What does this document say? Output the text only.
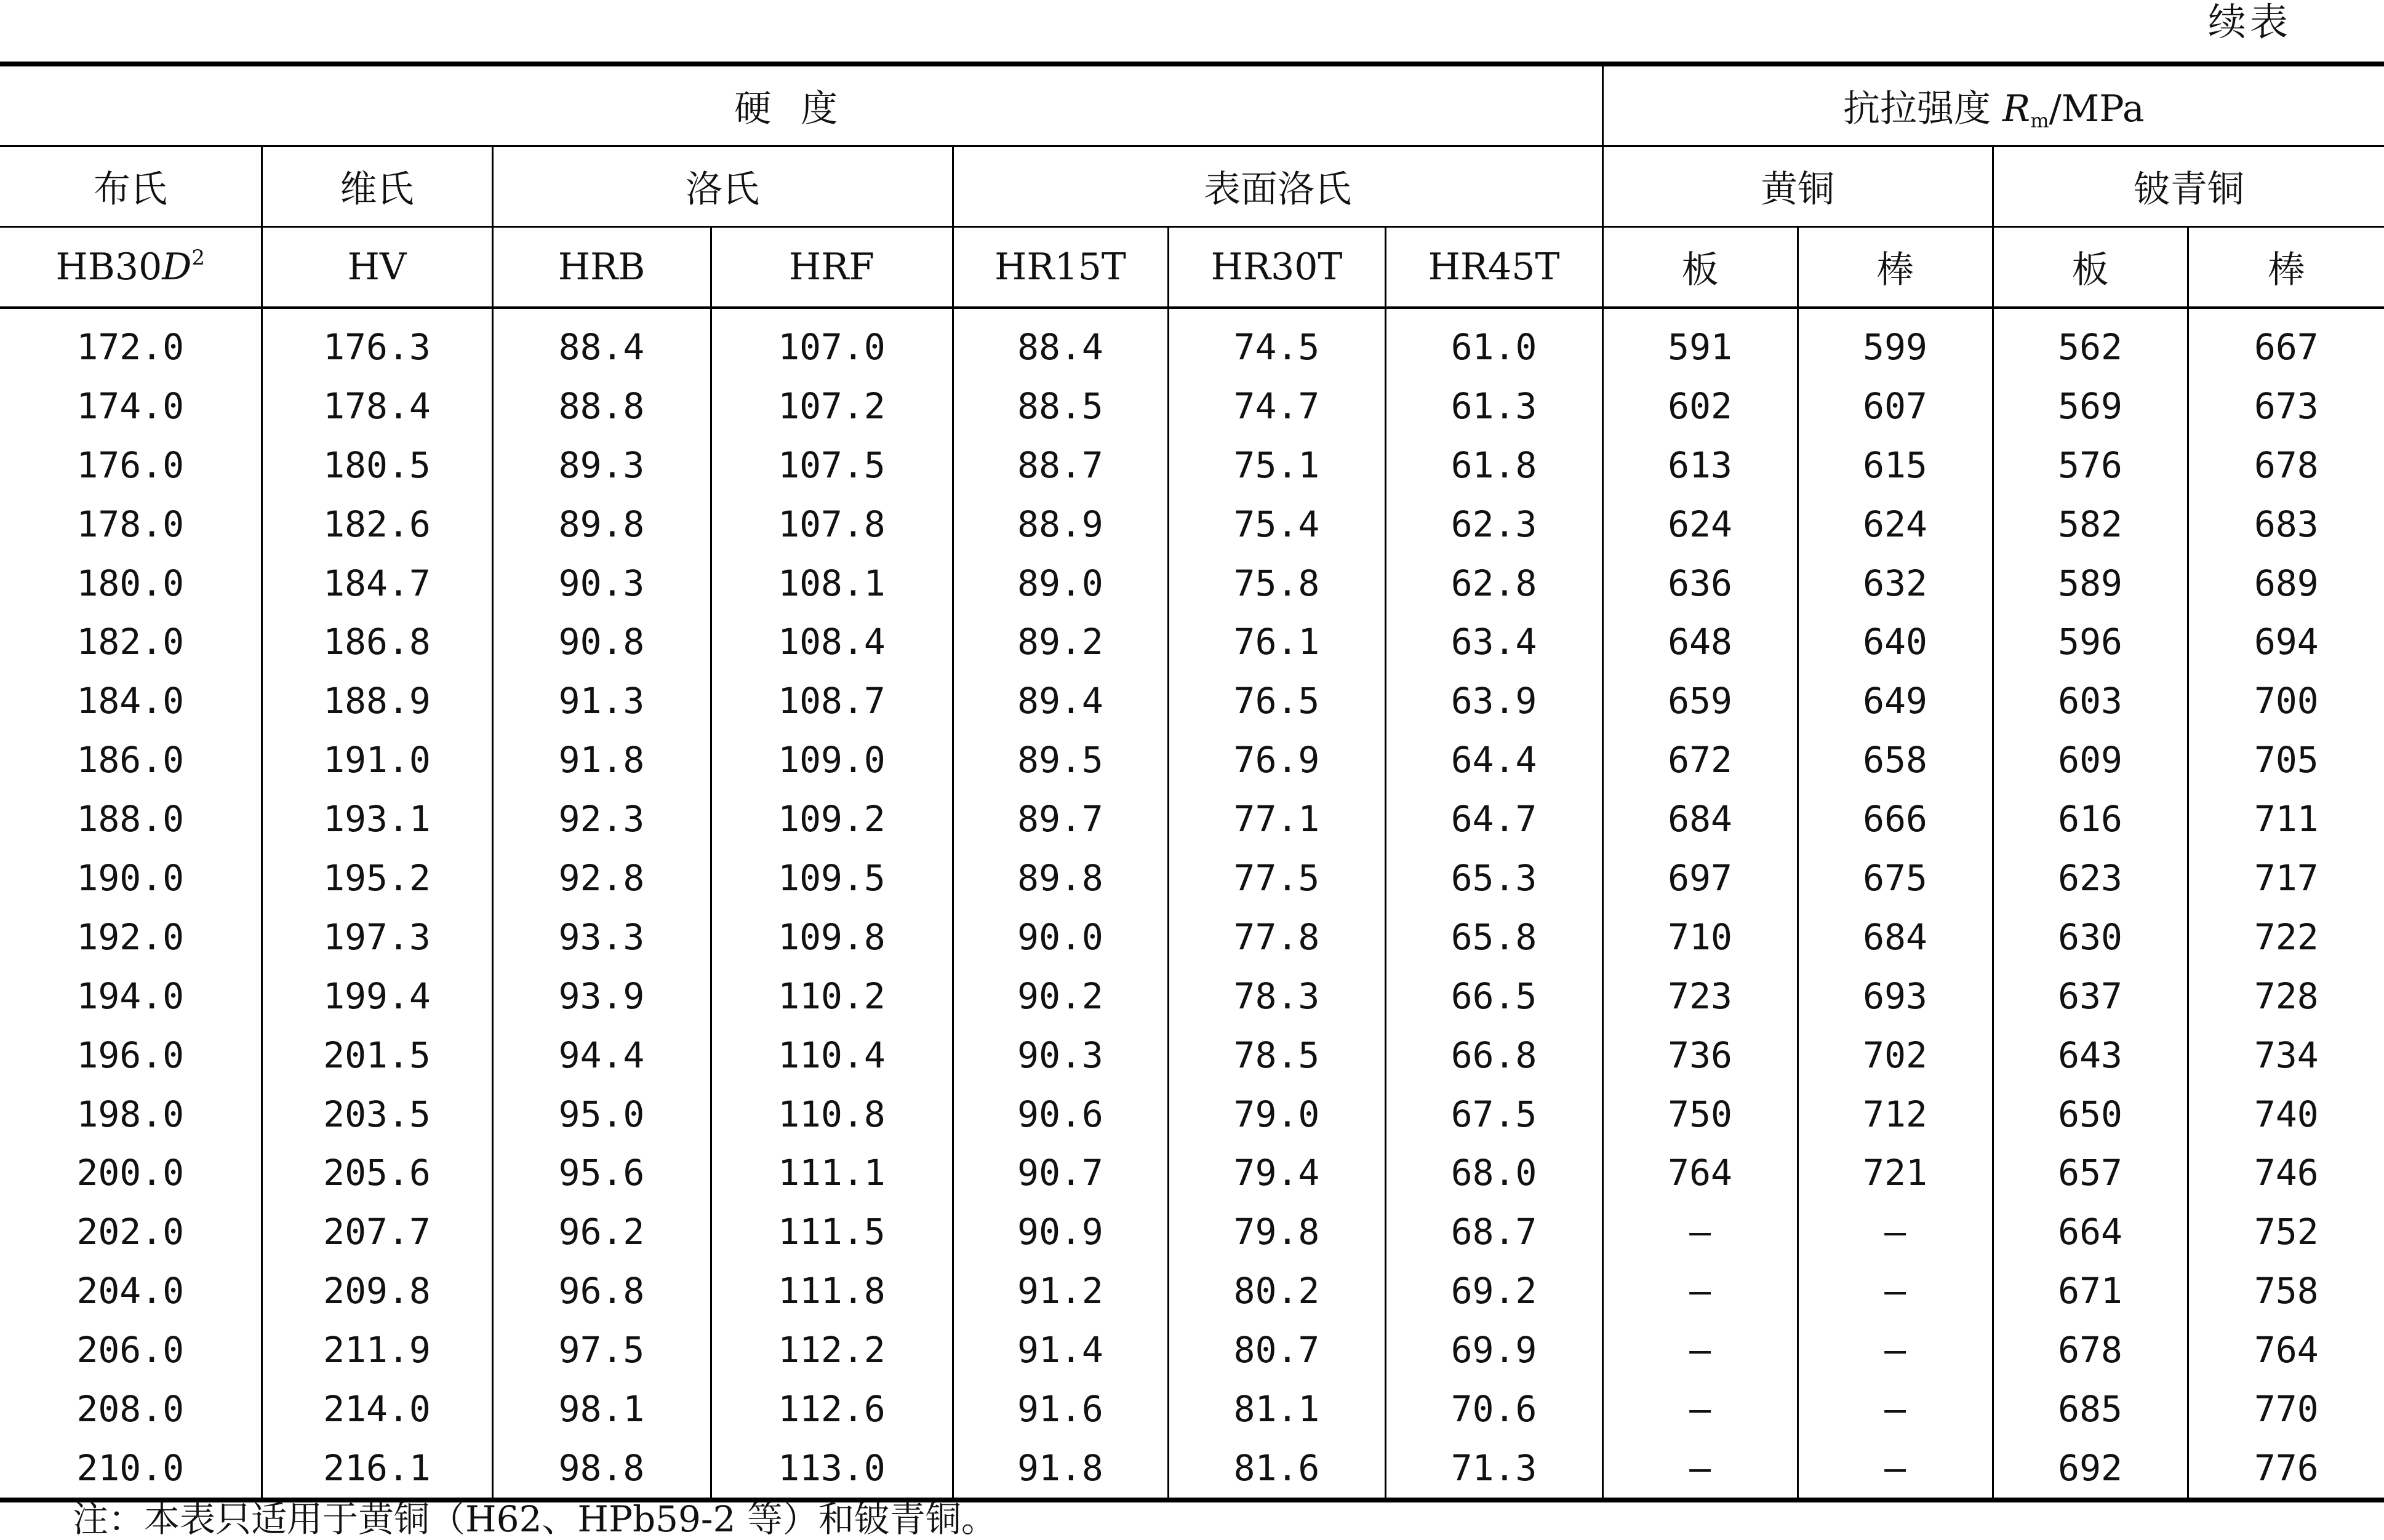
续表
硬度							抗拉强度 $R_m$/MPa			
布氏	维氏	洛氏		表面洛氏			黄铜		铍青铜	
$HB30D^2$	HV	HRB	HRF	HR15T	HR30T	HR45T	板	棒	板	棒
172.0	176.3	88.4	107.0	88.4	74.5	61.0	591	599	562	667
174.0	178.4	88.8	107.2	88.5	74.7	61.3	602	607	569	673
176.0	180.5	89.3	107.5	88.7	75.1	61.8	613	615	576	678
178.0	182.6	89.8	107.8	88.9	75.4	62.3	624	624	582	683
180.0	184.7	90.3	108.1	89.0	75.8	62.8	636	632	589	689
182.0	186.8	90.8	108.4	89.2	76.1	63.4	648	640	596	694
184.0	188.9	91.3	108.7	89.4	76.5	63.9	659	649	603	700
186.0	191.0	91.8	109.0	89.5	76.9	64.4	672	658	609	705
188.0	193.1	92.3	109.2	89.7	77.1	64.7	684	666	616	711
190.0	195.2	92.8	109.5	89.8	77.5	65.3	697	675	623	717
192.0	197.3	93.3	109.8	90.0	77.8	65.8	710	684	630	722
194.0	199.4	93.9	110.2	90.2	78.3	66.5	723	693	637	728
196.0	201.5	94.4	110.4	90.3	78.5	66.8	736	702	643	734
198.0	203.5	95.0	110.8	90.6	79.0	67.5	750	712	650	740
200.0	205.6	95.6	111.1	90.7	79.4	68.0	764	721	657	746
202.0	207.7	96.2	111.5	90.9	79.8	68.7	—	—	664	752
204.0	209.8	96.8	111.8	91.2	80.2	69.2	—	—	671	758
206.0	211.9	97.5	112.2	91.4	80.7	69.9	—	—	678	764
208.0	214.0	98.1	112.6	91.6	81.1	70.6	—	—	685	770
210.0	216.1	98.8	113.0	91.8	81.6	71.3	—	—	692	776
注：本表只适用于黄铜（H62、HPb59-2 等）和铍青铜。
